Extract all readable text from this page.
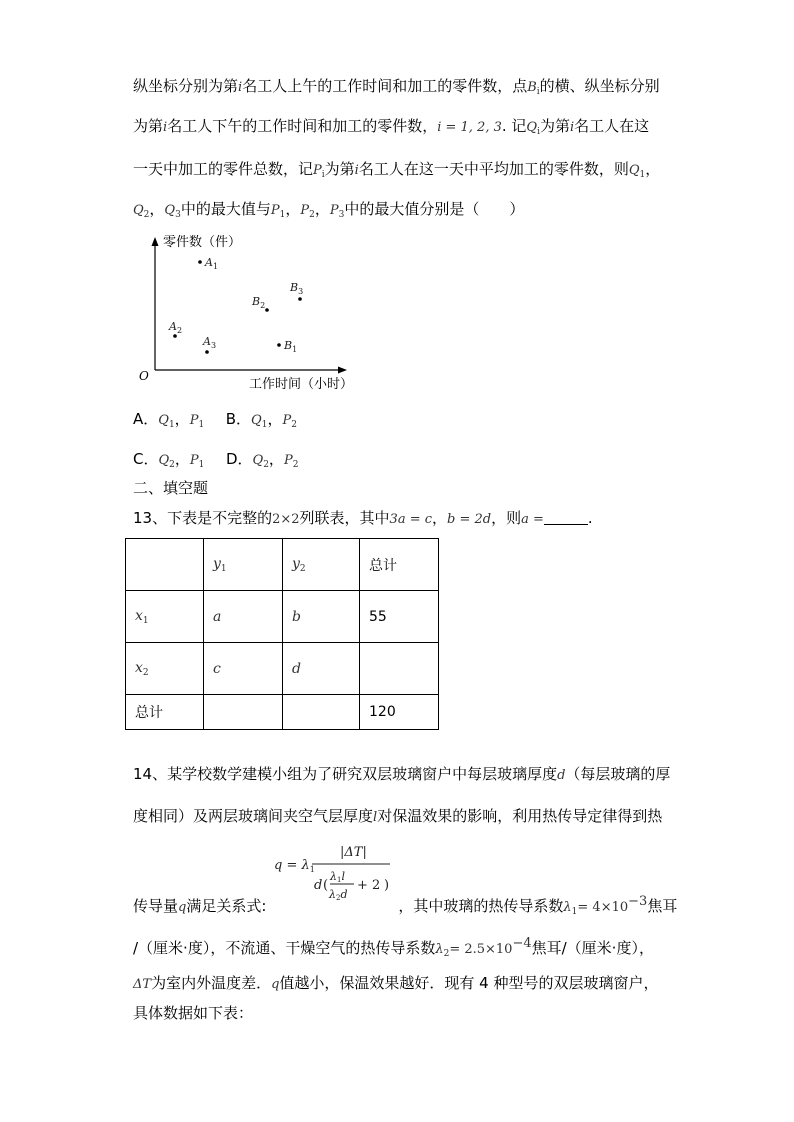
纵坐标分别为第i名工人上午的工作时间和加工的零件数，点$B_i$的横、纵坐标分别
为第i名工人下午的工作时间和加工的零件数，i = 1, 2, 3. 记$Q_i$为第i名工人在这
一天中加工的零件总数，记$P_i$为第i名工人在这一天中平均加工的零件数，则$Q_1$，
$Q_2$，$Q_3$中的最大值与$P_1$，$P_2$，$P_3$中的最大值分别是（　　）
零件数（件）
工作时间（小时）
O
$A_1$
$A_2$
$A_3$	$B_1$
$B_2$
$B_3$
A．$Q_1$，$P_1$ B．$Q_1$，$P_2$
C．$Q_2$，$P_1$ D．$Q_2$，$P_2$
二、填空题
13、下表是不完整的2×2列联表，其中3a = c，b = 2d，则a =	.
	$y_1$	$y_2$	总计
$x_1$	a	b	55
$x_2$	c	d	
总计			120
14、某学校数学建模小组为了研究双层玻璃窗户中每层玻璃厚度d（每层玻璃的厚
度相同）及两层玻璃间夹空气层厚度l对保温效果的影响，利用热传导定律得到热
$q = \lambda_1$
|ΔT|
d (
λ1l
λ2d
+ 2 )
传导量q满足关系式:	，其中玻璃的热传导系数$\lambda_1= 4\times 10^{-3}$焦耳
/（厘米·度），不流通、干燥空气的热传导系数$\lambda_2= 2.5\times 10^{-4}$焦耳/（厘米·度），
ΔT为室内外温度差．q值越小，保温效果越好．现有 4 种型号的双层玻璃窗户，
具体数据如下表：
